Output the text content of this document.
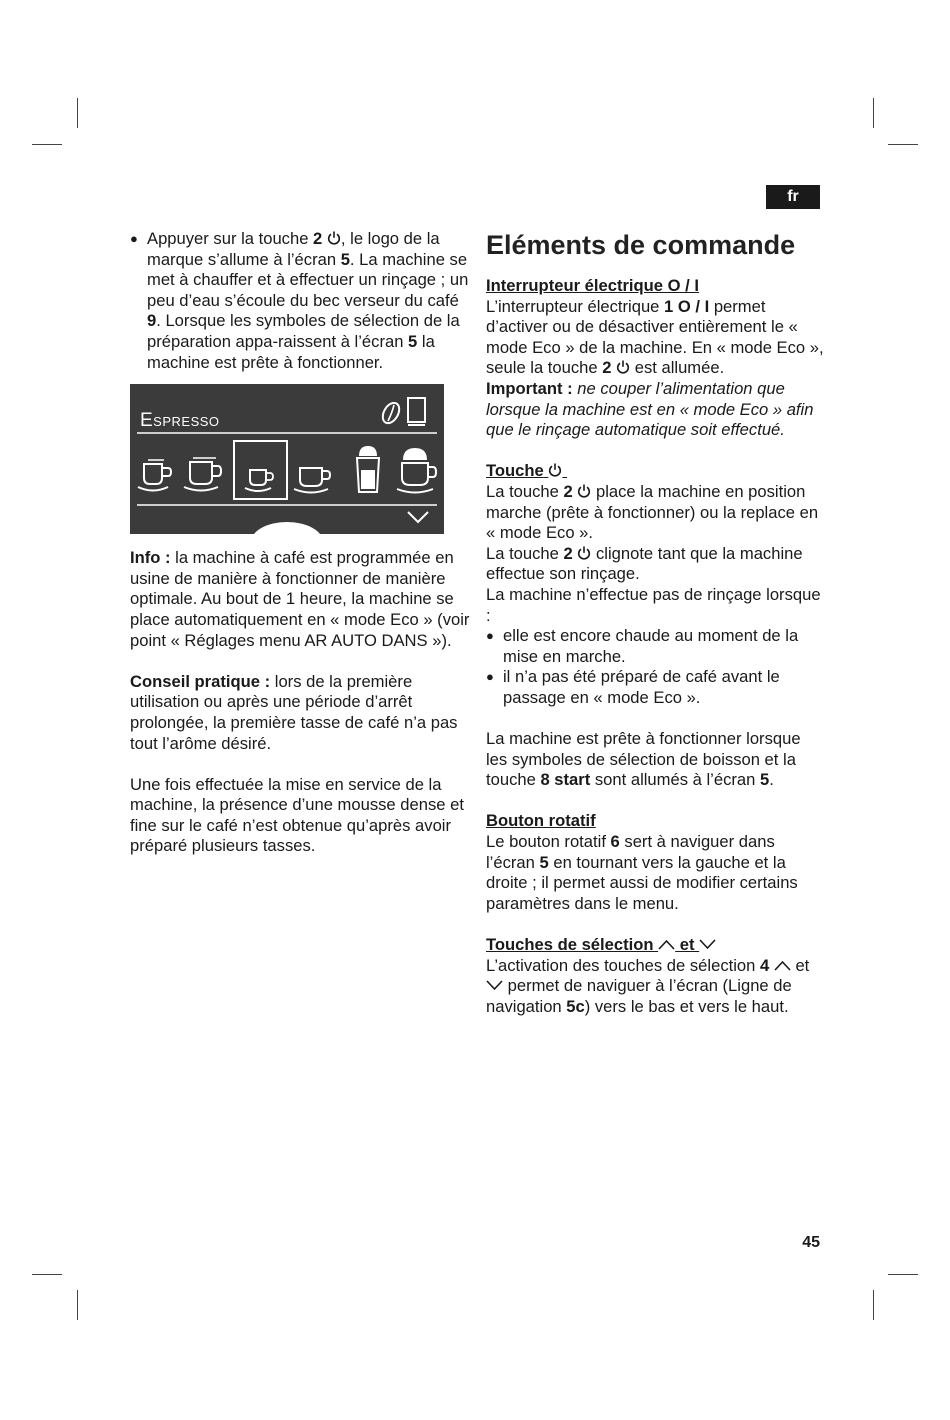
fr

● Appuyer sur la touche 2 , le logo de la marque s’allume à l’écran 5. La machine se met à chauffer et à effectuer un rinçage ; un peu d’eau s’écoule du bec verseur du café 9. Lorsque les symboles de sélection de la préparation appa-raissent à l’écran 5 la machine est prête à fonctionner.

Espresso

Info : la machine à café est programmée en usine de manière à fonctionner de manière optimale. Au bout de 1 heure, la machine se place automatiquement en « mode Eco » (voir point « Réglages menu AR AUTO DANS »).

Conseil pratique : lors de la première utilisation ou après une période d’arrêt prolongée, la première tasse de café n’a pas tout l’arôme désiré.

Une fois effectuée la mise en service de la machine, la présence d’une mousse dense et fine sur le café n’est obtenue qu’après avoir préparé plusieurs tasses.

Eléments de commande

Interrupteur électrique O / I

L’interrupteur électrique 1 O / I permet d’activer ou de désactiver entièrement le « mode Eco » de la machine. En « mode Eco », seule la touche 2  est allumée.

Important : ne couper l’alimentation que lorsque la machine est en « mode Eco » afin que le rinçage automatique soit effectué.

Touche

La touche 2  place la machine en position marche (prête à fonctionner) ou la replace en « mode Eco ».

La touche 2  clignote tant que la machine effectue son rinçage.

La machine n’effectue pas de rinçage lorsque :

● elle est encore chaude au moment de la mise en marche.

● il n’a pas été préparé de café avant le passage en « mode Eco ».

La machine est prête à fonctionner lorsque les symboles de sélection de boisson et la touche 8 start sont allumés à l’écran 5.

Bouton rotatif

Le bouton rotatif 6 sert à naviguer dans l’écran 5 en tournant vers la gauche et la droite ; il permet aussi de modifier certains paramètres dans le menu.

Touches de sélection  et

L’activation des touches de sélection 4  et  permet de naviguer à l’écran (Ligne de navigation 5c) vers le bas et vers le haut.

45
